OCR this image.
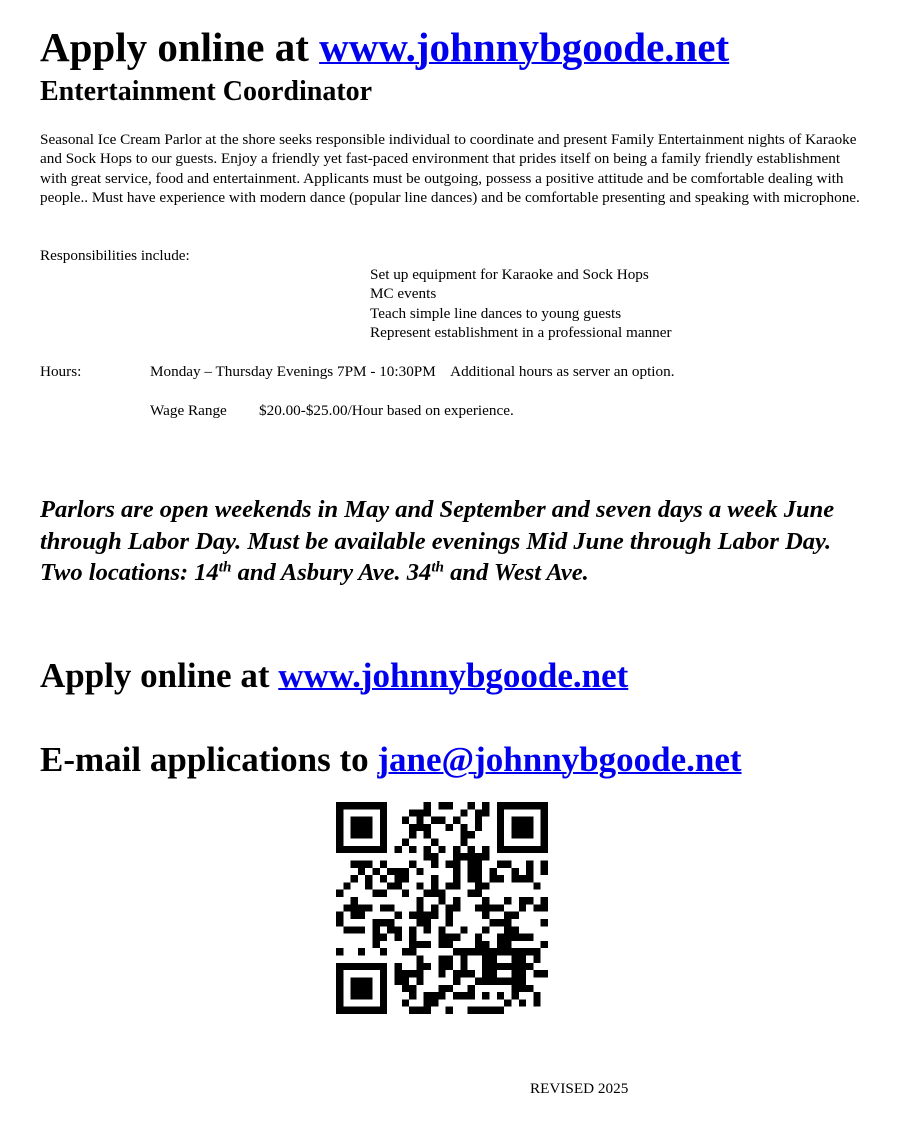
Apply online at www.johnnybgoode.net
Entertainment Coordinator

Seasonal Ice Cream Parlor at the shore seeks responsible individual to coordinate and present Family Entertainment nights of Karaoke and Sock Hops to our guests. Enjoy a friendly yet fast-paced environment that prides itself on being a family friendly establishment with great service, food and entertainment. Applicants must be outgoing, possess a positive attitude and be comfortable dealing with people.. Must have experience with modern dance (popular line dances) and be comfortable presenting and speaking with microphone.

Responsibilities include:
Set up equipment for Karaoke and Sock Hops
MC events
Teach simple line dances to young guests
Represent establishment in a professional manner
Hours:	Monday – Thursday Evenings 7PM - 10:30PM    Additional hours as server an option.
Wage Range $20.00-$25.00/Hour based on experience.

Parlors are open weekends in May and September and seven days a week June through Labor Day. Must be available evenings Mid June through Labor Day. Two locations: 14th and Asbury Ave. 34th and West Ave.

Apply online at www.johnnybgoode.net
E-mail applications to jane@johnnybgoode.net
REVISED 2025
